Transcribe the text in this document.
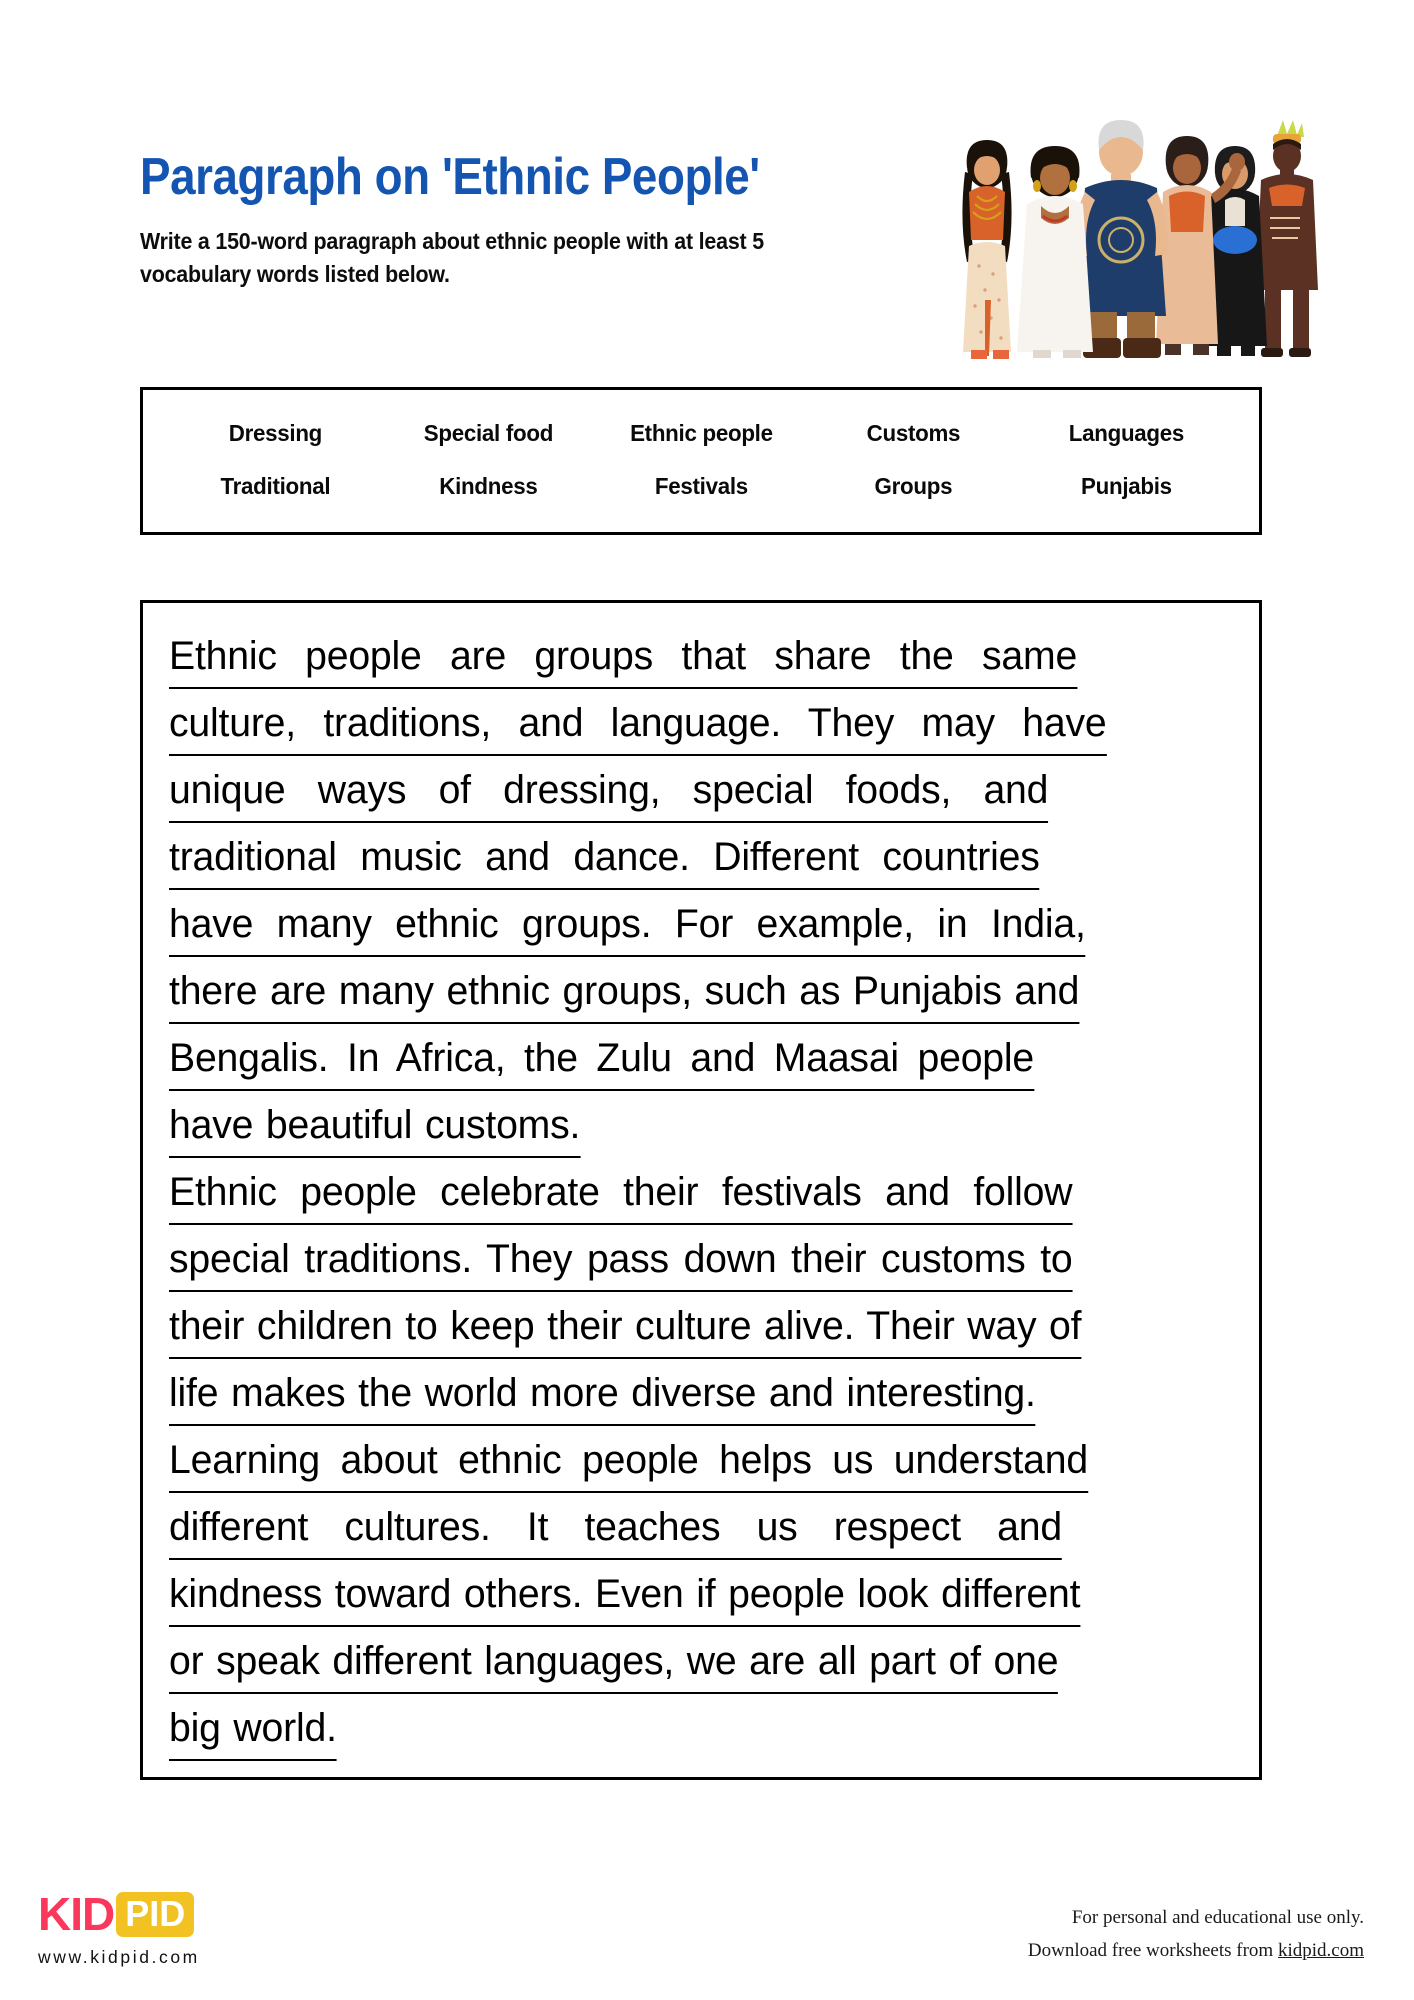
Paragraph on 'Ethnic People'
Write a 150-word paragraph about ethnic people with at least 5 vocabulary words listed below.
Dressing	Special food	Ethnic people	Customs	Languages
Traditional	Kindness	Festivals	Groups	Punjabis
Ethnic people are groups that share the same
culture, traditions, and language. They may have
unique ways of dressing, special foods, and
traditional music and dance. Different countries
have many ethnic groups. For example, in India,
there are many ethnic groups, such as Punjabis and
Bengalis. In Africa, the Zulu and Maasai people
have beautiful customs.
Ethnic people celebrate their festivals and follow
special traditions. They pass down their customs to
their children to keep their culture alive. Their way of
life makes the world more diverse and interesting.
Learning about ethnic people helps us understand
different cultures. It teaches us respect and
kindness toward others. Even if people look different
or speak different languages, we are all part of one
big world.
KID PID
www.kidpid.com
For personal and educational use only.
Download free worksheets from kidpid.com
